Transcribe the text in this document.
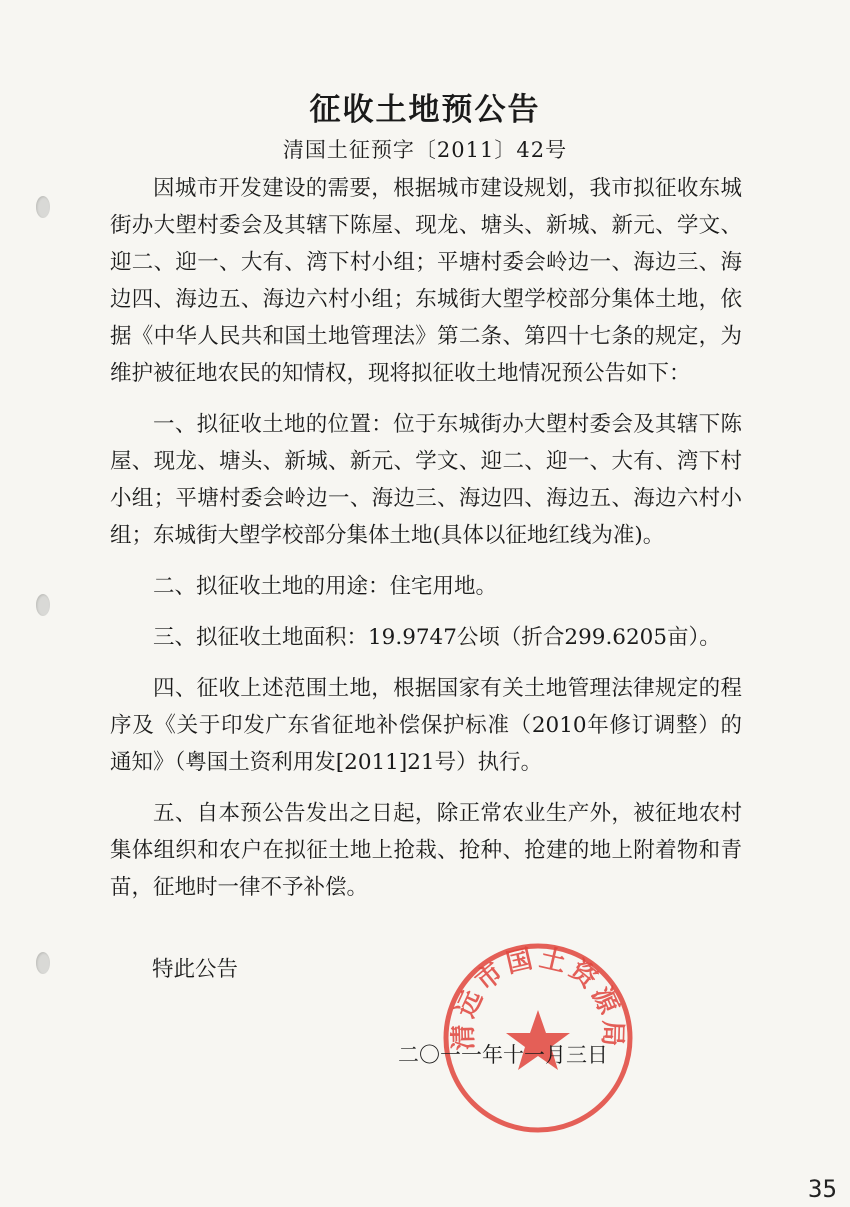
征收土地预公告
清国土征预字〔2011〕42号

因城市开发建设的需要，根据城市建设规划，我市拟征收东城街办大塱村委会及其辖下陈屋、现龙、塘头、新城、新元、学文、迎二、迎一、大有、湾下村小组；平塘村委会岭边一、海边三、海边四、海边五、海边六村小组；东城街大塱学校部分集体土地，依据《中华人民共和国土地管理法》第二条、第四十七条的规定，为维护被征地农民的知情权，现将拟征收土地情况预公告如下：

一、拟征收土地的位置：位于东城街办大塱村委会及其辖下陈屋、现龙、塘头、新城、新元、学文、迎二、迎一、大有、湾下村小组；平塘村委会岭边一、海边三、海边四、海边五、海边六村小组；东城街大塱学校部分集体土地(具体以征地红线为准)。

二、拟征收土地的用途：住宅用地。

三、拟征收土地面积：19.9747公顷（折合299.6205亩）。

四、征收上述范围土地，根据国家有关土地管理法律规定的程序及《关于印发广东省征地补偿保护标准（2010年修订调整）的通知》（粤国土资利用发[2011]21号）执行。

五、自本预公告发出之日起，除正常农业生产外，被征地农村集体组织和农户在拟征土地上抢栽、抢种、抢建的地上附着物和青苗，征地时一律不予补偿。

特此公告
清远市国土资源局
二〇一一年十一月三日
35
